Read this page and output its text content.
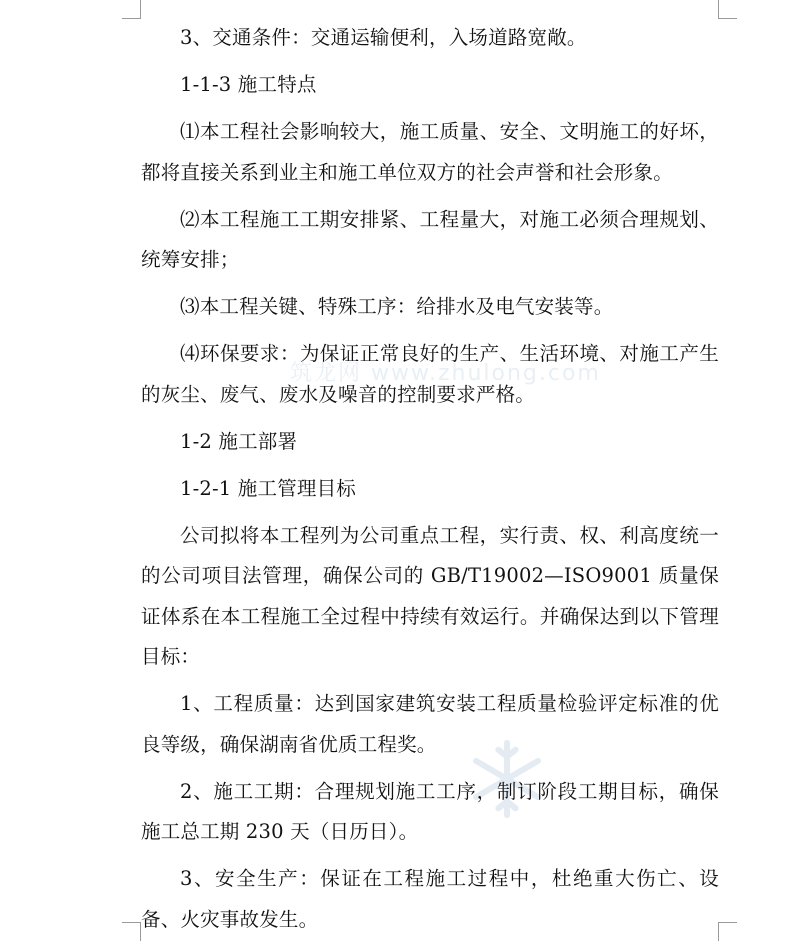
筑龙网 www.zhulong.com

3、交通条件：交通运输便利，入场道路宽敞。

1-1-3 施工特点

⑴本工程社会影响较大，施工质量、安全、文明施工的好坏，都将直接关系到业主和施工单位双方的社会声誉和社会形象。

⑵本工程施工工期安排紧、工程量大，对施工必须合理规划、统筹安排；

⑶本工程关键、特殊工序：给排水及电气安装等。

⑷环保要求：为保证正常良好的生产、生活环境、对施工产生的灰尘、废气、废水及噪音的控制要求严格。

1-2 施工部署

1-2-1 施工管理目标

公司拟将本工程列为公司重点工程，实行责、权、利高度统一的公司项目法管理，确保公司的 GB/T19002—ISO9001 质量保证体系在本工程施工全过程中持续有效运行。并确保达到以下管理目标：

1、工程质量：达到国家建筑安装工程质量检验评定标准的优良等级，确保湖南省优质工程奖。

2、施工工期：合理规划施工工序，制订阶段工期目标，确保施工总工期 230 天（日历日）。

3、安全生产：保证在工程施工过程中，杜绝重大伤亡、设备、火灾事故发生。
